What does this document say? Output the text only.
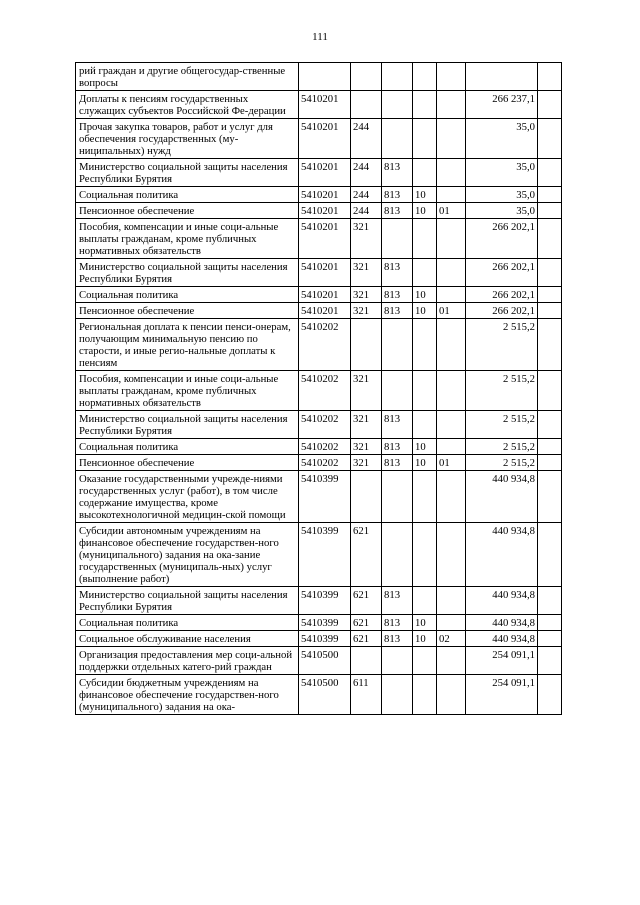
111
рий граждан и другие общегосудар-ственные вопросы							
Доплаты к пенсиям государственных служащих субъектов Российской Фе-дерации	5410201					266 237,1	
Прочая закупка товаров, работ и услуг для обеспечения государственных (му-ниципальных) нужд	5410201	244				35,0	
Министерство социальной защиты населения Республики Бурятия	5410201	244	813			35,0	
Социальная политика	5410201	244	813	10		35,0	
Пенсионное обеспечение	5410201	244	813	10	01	35,0	
Пособия, компенсации и иные соци-альные выплаты гражданам, кроме публичных нормативных обязательств	5410201	321				266 202,1	
Министерство социальной защиты населения Республики Бурятия	5410201	321	813			266 202,1	
Социальная политика	5410201	321	813	10		266 202,1	
Пенсионное обеспечение	5410201	321	813	10	01	266 202,1	
Региональная доплата к пенсии пенси-онерам, получающим минимальную пенсию по старости, и иные регио-нальные доплаты к пенсиям	5410202					2 515,2	
Пособия, компенсации и иные соци-альные выплаты гражданам, кроме публичных нормативных обязательств	5410202	321				2 515,2	
Министерство социальной защиты населения Республики Бурятия	5410202	321	813			2 515,2	
Социальная политика	5410202	321	813	10		2 515,2	
Пенсионное обеспечение	5410202	321	813	10	01	2 515,2	
Оказание государственными учрежде-ниями государственных услуг (работ), в том числе содержание имущества, кроме высокотехнологичной медицин-ской помощи	5410399					440 934,8	
Субсидии автономным учреждениям на финансовое обеспечение государствен-ного (муниципального) задания на ока-зание государственных (муниципаль-ных) услуг (выполнение работ)	5410399	621				440 934,8	
Министерство социальной защиты населения Республики Бурятия	5410399	621	813			440 934,8	
Социальная политика	5410399	621	813	10		440 934,8	
Социальное обслуживание населения	5410399	621	813	10	02	440 934,8	
Организация предоставления мер соци-альной поддержки отдельных катего-рий граждан	5410500					254 091,1	
Субсидии бюджетным учреждениям на финансовое обеспечение государствен-ного (муниципального) задания на ока-	5410500	611				254 091,1	
